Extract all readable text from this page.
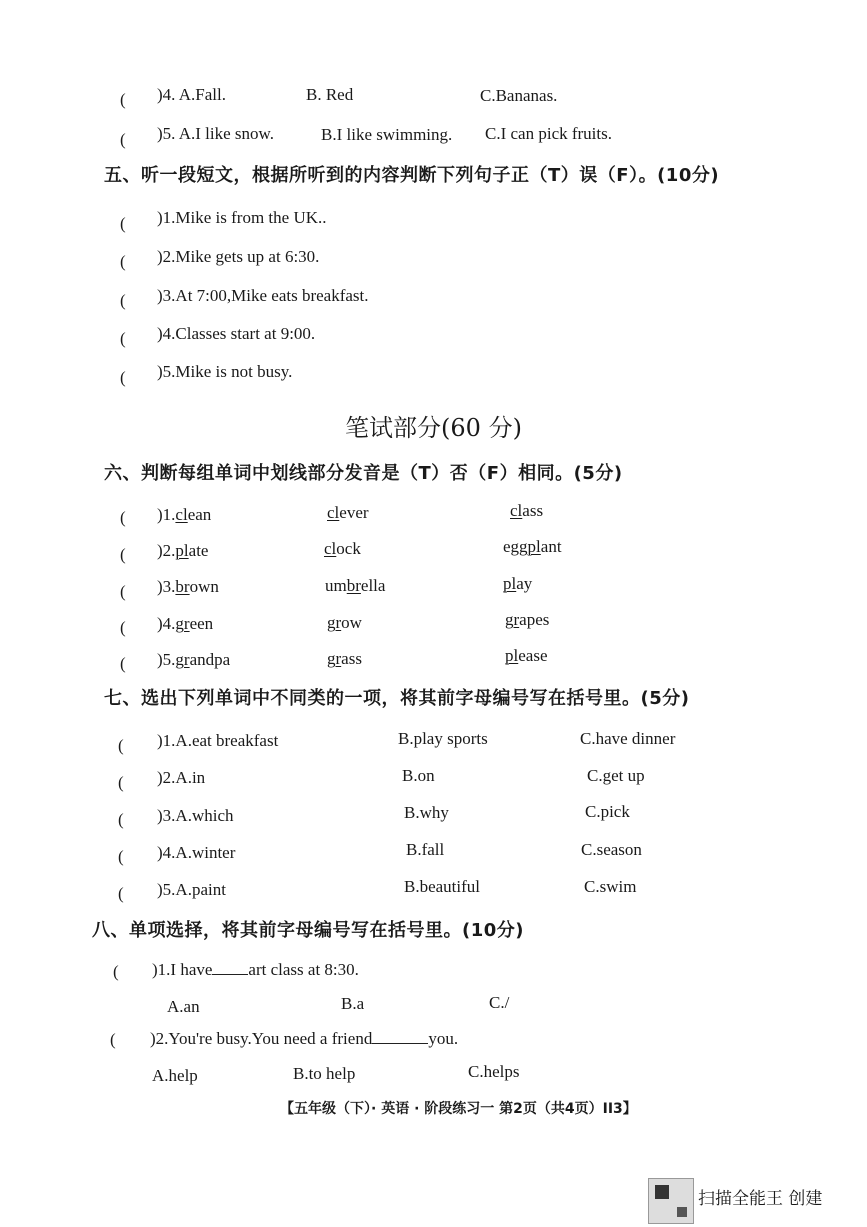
( )4. A.Fall.	B. Red	C.Bananas.
( )5. A.I like snow.	B.I like swimming. C.I can pick fruits.
五、听一段短文，根据所听到的内容判断下列句子正（T）误（F）。(10分)
( )1.Mike is from the UK..
( )2.Mike gets up at 6:30.
( )3.At 7:00,Mike eats breakfast.
( )4.Classes start at 9:00.
( )5.Mike is not busy.
笔试部分(60 分)
六、判断每组单词中划线部分发音是（T）否（F）相同。(5分)
( )1.clean	clever	class
( )2.plate	clock	eggplant
( )3.brown	umbrella	play
( )4.green	grow	grapes
( )5.grandpa	grass	please
七、选出下列单词中不同类的一项，将其前字母编号写在括号里。(5分)
( )1.A.eat breakfast	B.play sports	C.have dinner
( )2.A.in	B.on	C.get up
( )3.A.which	B.why	C.pick
( )4.A.winter	B.fall	C.season
( )5.A.paint	B.beautiful	C.swim
八、单项选择，将其前字母编号写在括号里。(10分)
( )1.I have art class at 8:30.
A.an	B.a	C./
( )2.You're busy.You need a friend	you.
A.help	B.to help	C.helps
【五年级（下）· 英语 · 阶段练习一 第2页（共4页）II3】
扫描全能王 创建
